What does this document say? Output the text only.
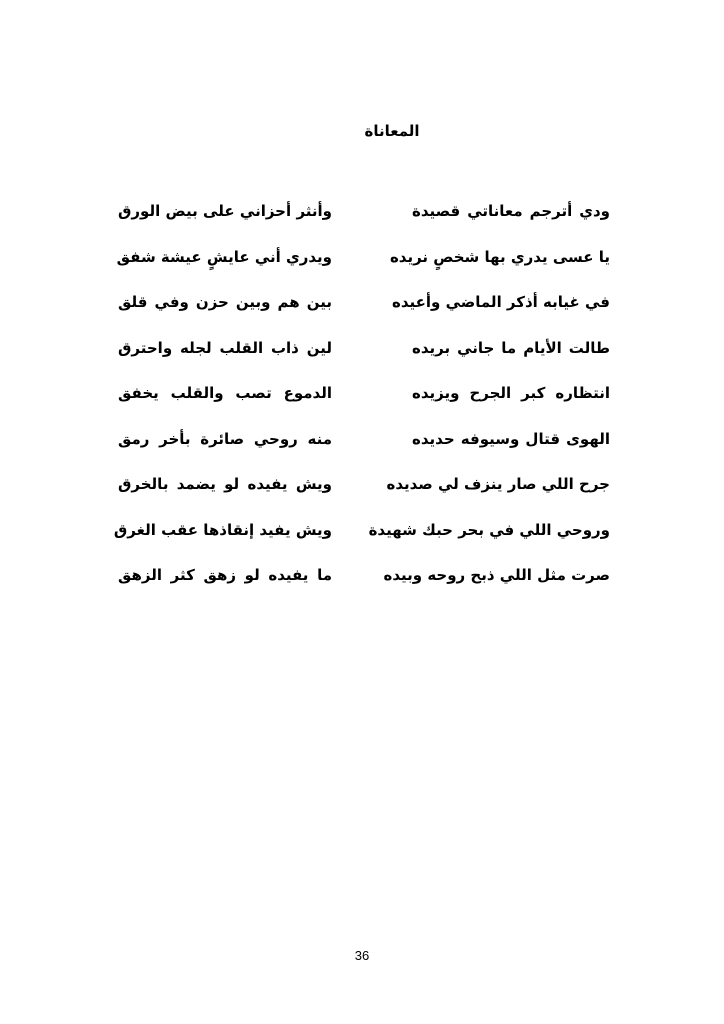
المعاناة
ودي أترجم معاناتي قصيدة
وأنثر أحزاني على بيض الورق
يا عسى يدري بها شخصٍ نريده
ويدري أني عايشٍ عيشة شفق
في غيابه أذكر الماضي وأعيده
بين هم وبين حزن وفي قلق
طالت الأيام ما جاني بريده
لين ذاب القلب لجله واحترق
انتظاره كبر الجرح ويزيده
الدموع تصب والقلب يخفق
الهوى قتال وسيوفه حديده
منه روحي صائرة بأخر رمق
جرح اللي صار ينزف لي صديده
ويش يفيده لو يضمد بالخرق
وروحي اللي في بحر حبك شهيدة
ويش يفيد إنقاذها عقب الغرق
صرت مثل اللي ذبح روحه وبيده
ما يفيده لو زهق كثر الزهق
36
